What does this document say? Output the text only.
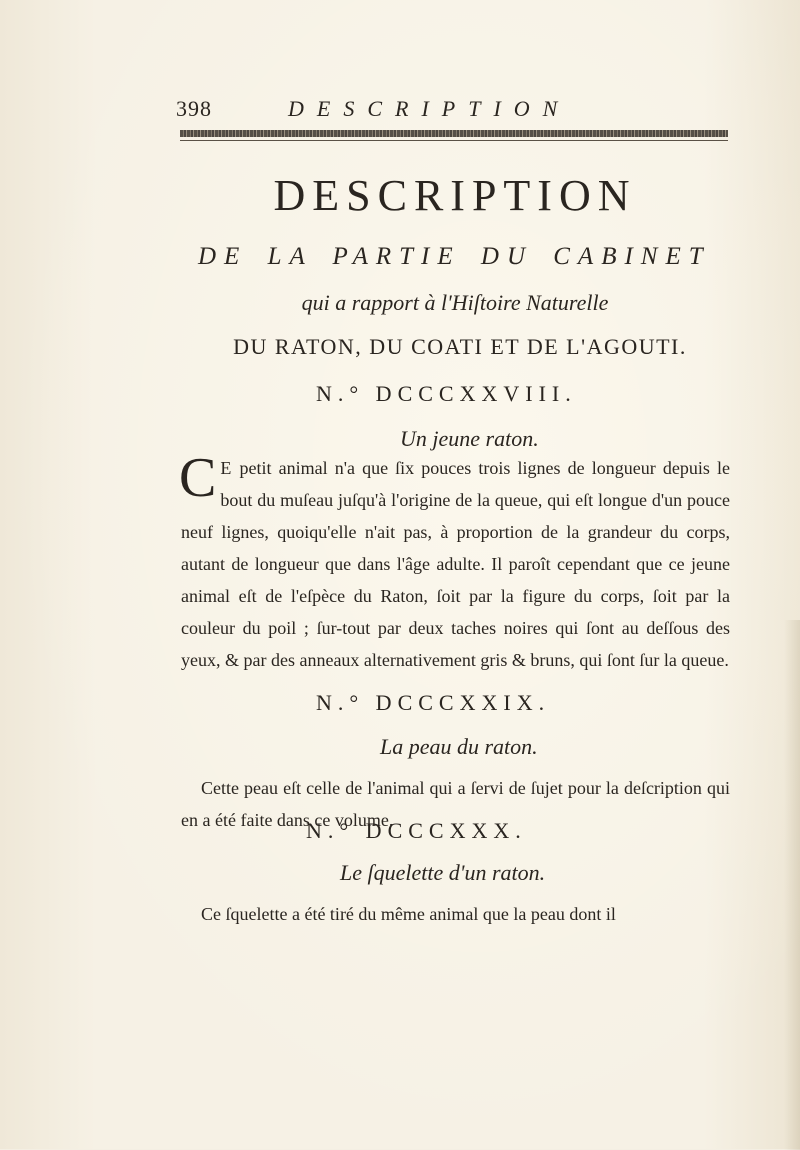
398	DESCRIPTION
DESCRIPTION
DE LA PARTIE DU CABINET
qui a rapport à l'Hiſtoire Naturelle
DU RATON, DU COATI ET DE L'AGOUTI.
N.° DCCCXXVIII.
Un jeune raton.
C E petit animal n'a que ſix pouces trois lignes de longueur depuis le bout du muſeau juſqu'à l'origine de la queue, qui eſt longue d'un pouce neuf lignes, quoiqu'elle n'ait pas, à proportion de la grandeur du corps, autant de longueur que dans l'âge adulte. Il paroît cependant que ce jeune animal eſt de l'eſpèce du Raton, ſoit par la figure du corps, ſoit par la couleur du poil ; ſur-tout par deux taches noires qui ſont au deſſous des yeux, & par des anneaux alternativement gris & bruns, qui ſont ſur la queue.
N.° DCCCXXIX.
La peau du raton.
Cette peau eſt celle de l'animal qui a ſervi de ſujet pour la deſcription qui en a été faite dans ce volume.
N.° DCCCXXX.
Le ſquelette d'un raton.
Ce ſquelette a été tiré du même animal que la peau dont il
